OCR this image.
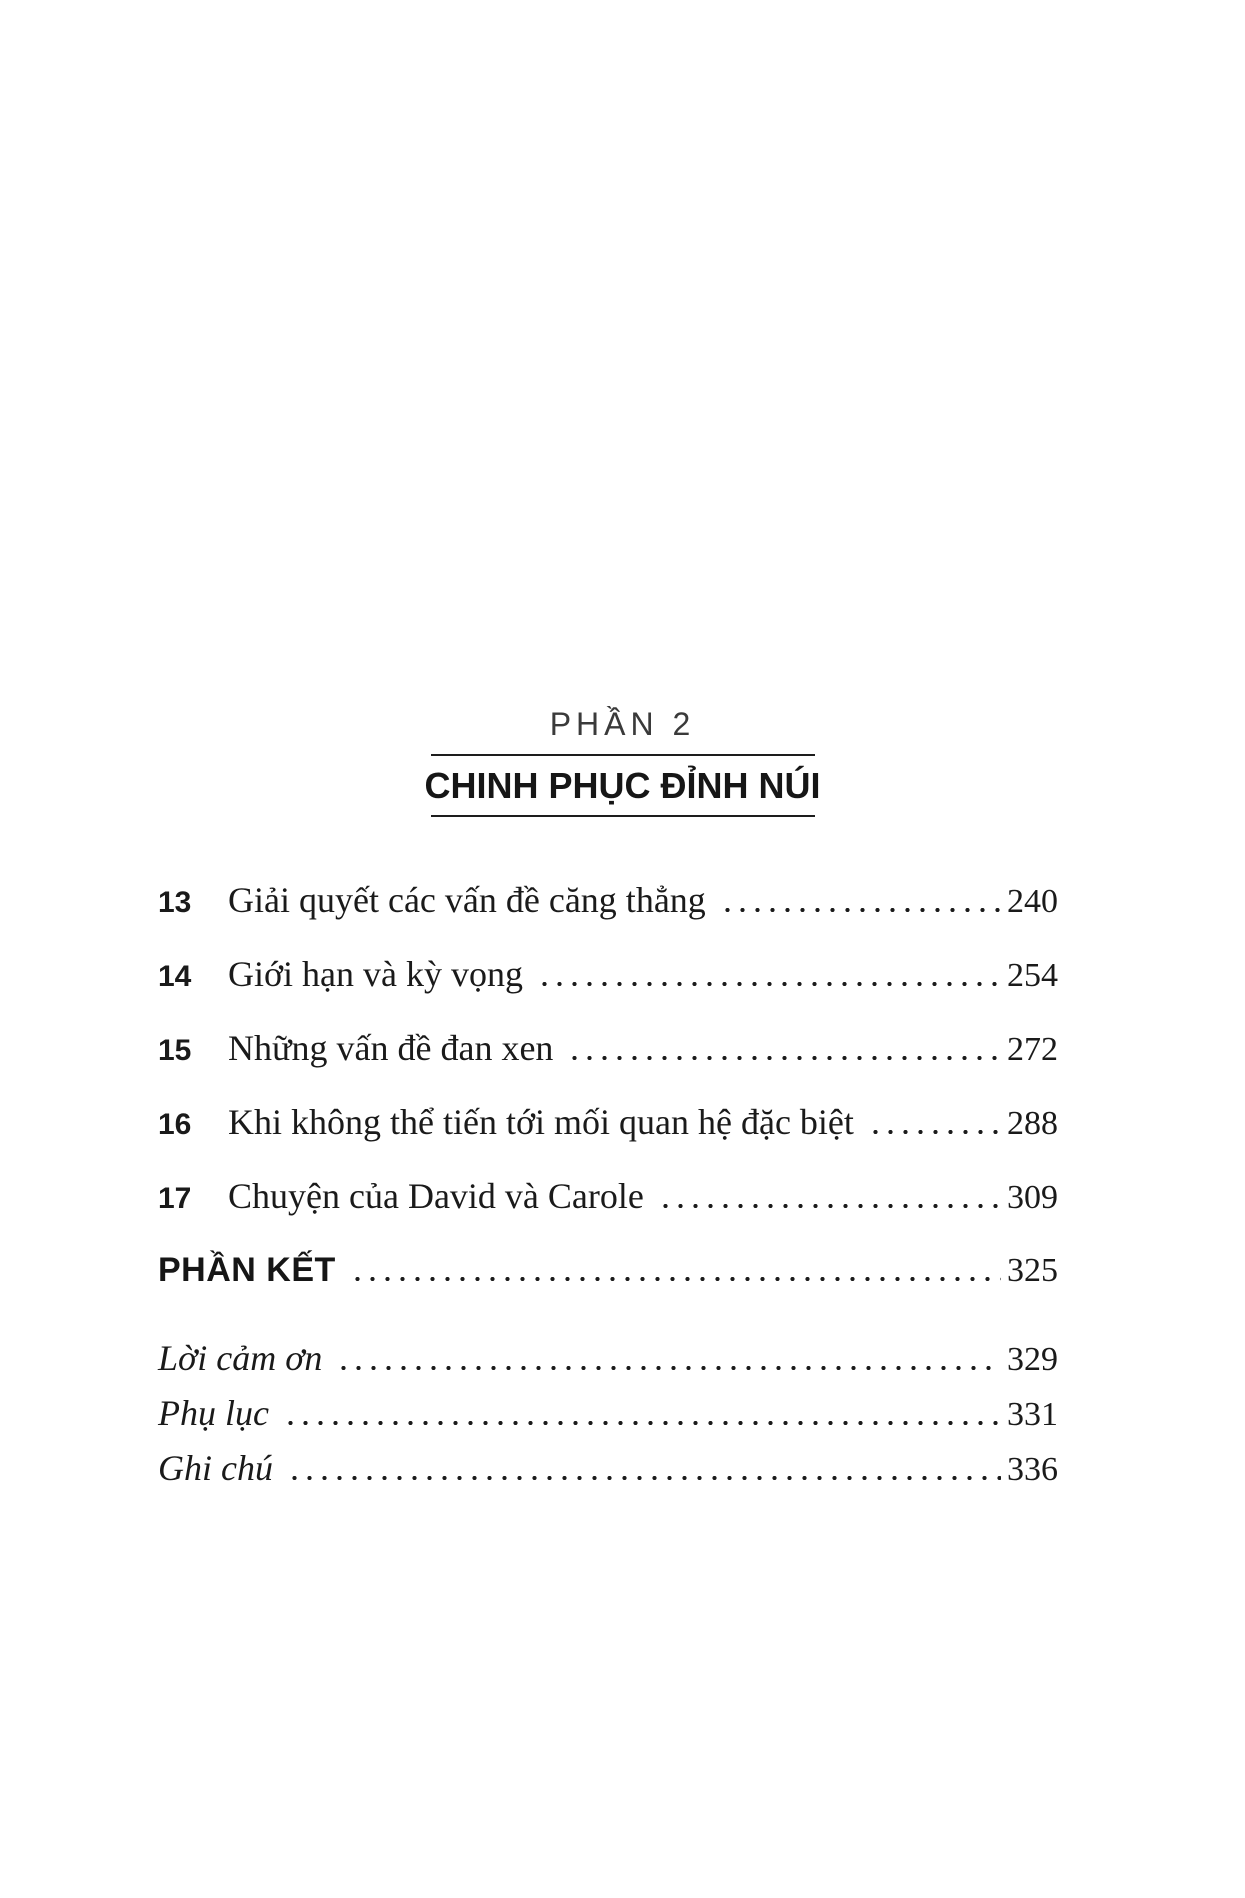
PHẦN 2
CHINH PHỤC ĐỈNH NÚI
13	Giải quyết các vấn đề căng thẳng	240
14	Giới hạn và kỳ vọng	254
15	Những vấn đề đan xen	272
16	Khi không thể tiến tới mối quan hệ đặc biệt	288
17	Chuyện của David và Carole	309
PHẦN KẾT	325
Lời cảm ơn	329
Phụ lục	331
Ghi chú	336
